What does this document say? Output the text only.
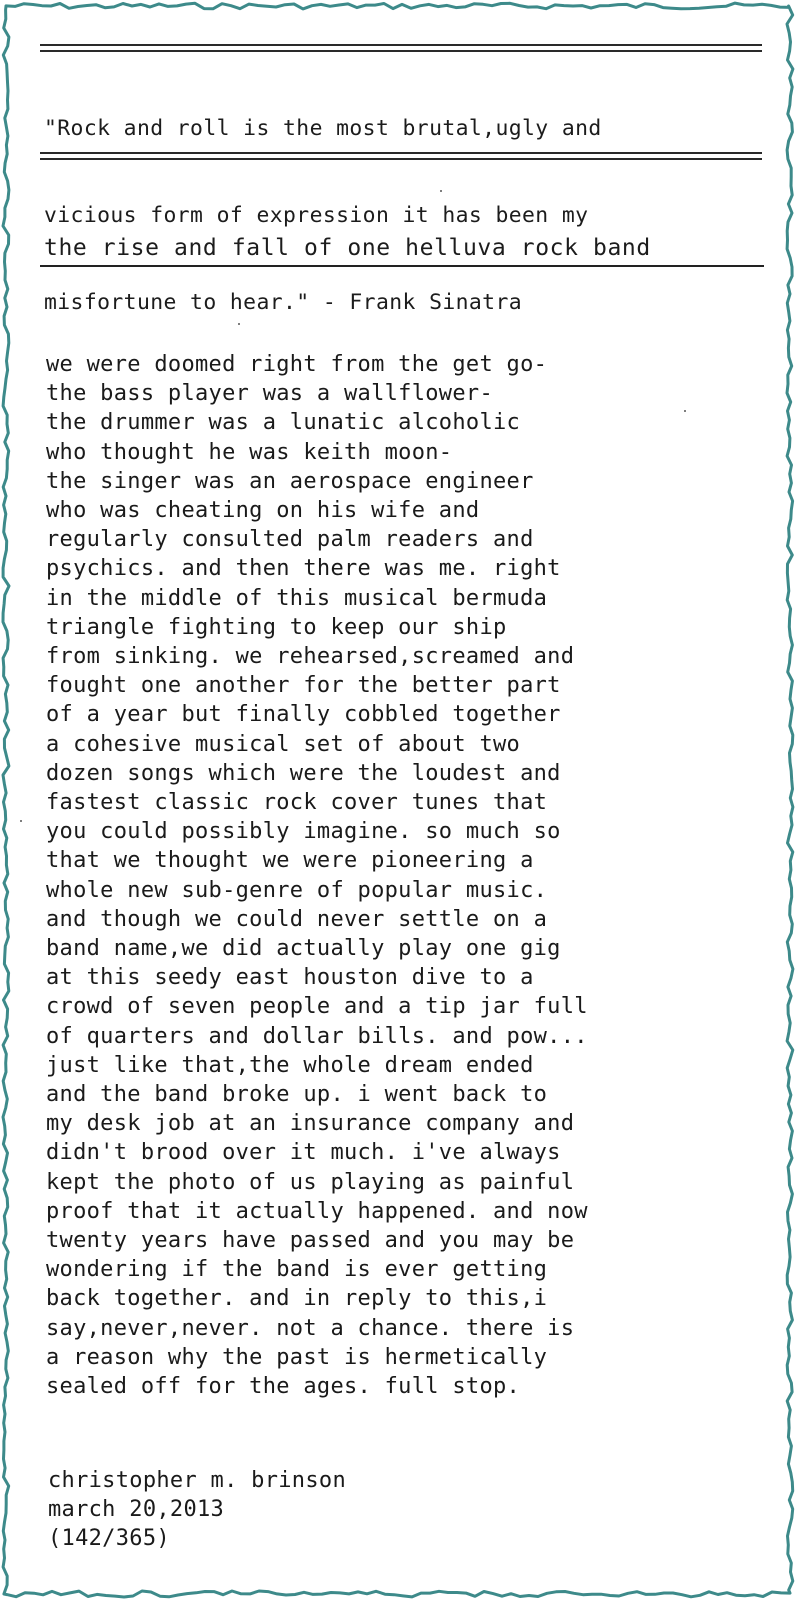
"Rock and roll is the most brutal,ugly and

vicious form of expression it has been my

misfortune to hear." - Frank Sinatra

the rise and fall of one helluva rock band
we were doomed right from the get go-
the bass player was a wallflower-
the drummer was a lunatic alcoholic
who thought he was keith moon-
the singer was an aerospace engineer
who was cheating on his wife and
regularly consulted palm readers and
psychics. and then there was me. right
in the middle of this musical bermuda
triangle fighting to keep our ship
from sinking. we rehearsed,screamed and
fought one another for the better part
of a year but finally cobbled together
a cohesive musical set of about two
dozen songs which were the loudest and
fastest classic rock cover tunes that
you could possibly imagine. so much so
that we thought we were pioneering a
whole new sub-genre of popular music.
and though we could never settle on a
band name,we did actually play one gig
at this seedy east houston dive to a
crowd of seven people and a tip jar full
of quarters and dollar bills. and pow...
just like that,the whole dream ended
and the band broke up. i went back to
my desk job at an insurance company and
didn't brood over it much. i've always
kept the photo of us playing as painful
proof that it actually happened. and now
twenty years have passed and you may be
wondering if the band is ever getting
back together. and in reply to this,i
say,never,never. not a chance. there is
a reason why the past is hermetically
sealed off for the ages. full stop.
christopher m. brinson
march 20,2013
(142/365)
